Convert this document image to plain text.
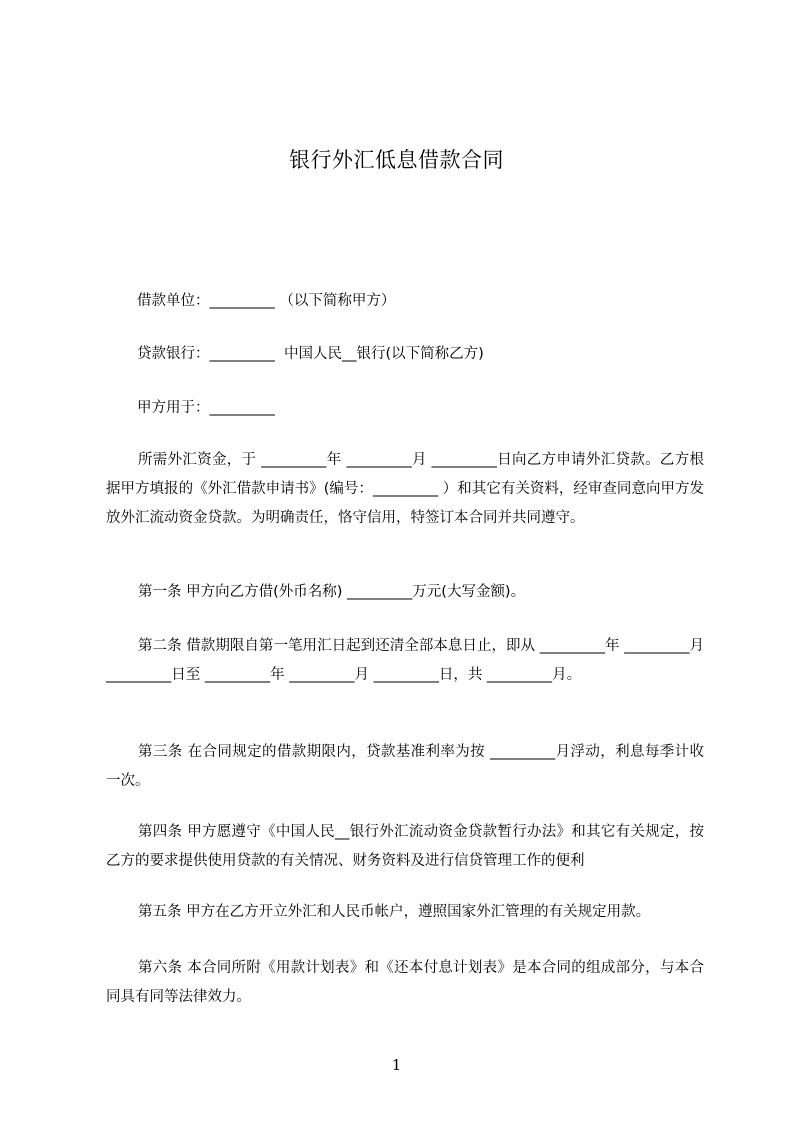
银行外汇低息借款合同
借款单位：_________ （以下简称甲方）
贷款银行：_________  中国人民__银行(以下简称乙方)
甲方用于：_________
所需外汇资金，于 _________年 _________月 _________日向乙方申请外汇贷款。乙方根据甲方填报的《外汇借款申请书》(编号：_________ ）和其它有关资料，经审查同意向甲方发放外汇流动资金贷款。为明确责任，恪守信用，特签订本合同并共同遵守。
第一条 甲方向乙方借(外币名称) _________万元(大写金额)。
第二条 借款期限自第一笔用汇日起到还清全部本息日止，即从 _________年 _________月 _________日至 _________年 _________月 _________日，共 _________月。
第三条 在合同规定的借款期限内，贷款基准利率为按 _________月浮动，利息每季计收一次。
第四条 甲方愿遵守《中国人民__银行外汇流动资金贷款暂行办法》和其它有关规定，按乙方的要求提供使用贷款的有关情况、财务资料及进行信贷管理工作的便利
第五条 甲方在乙方开立外汇和人民币帐户，遵照国家外汇管理的有关规定用款。
第六条 本合同所附《用款计划表》和《还本付息计划表》是本合同的组成部分，与本合同具有同等法律效力。
1
